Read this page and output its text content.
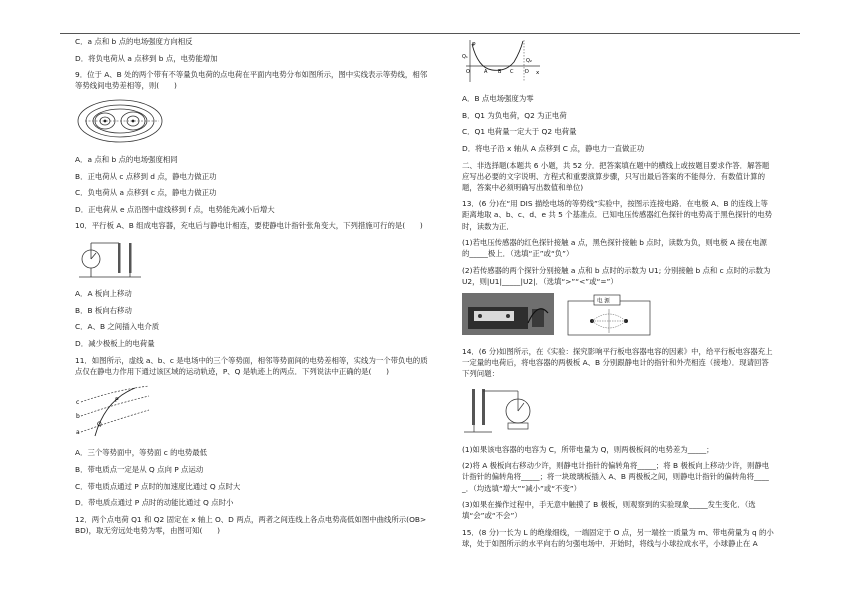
C．a 点和 b 点的电场强度方向相反

D．将负电荷从 a 点移到 b 点，电势能增加

9．位于 A、B 处的两个带有不等量负电荷的点电荷在平面内电势分布如图所示，图中实线表示等势线，相邻等势线间电势差相等，则(　　)

A．a 点和 b 点的电场强度相同

B．正电荷从 c 点移到 d 点，静电力做正功

C．负电荷从 a 点移到 c 点，静电力做正功

D．正电荷从 e 点沿图中虚线移到 f 点，电势能先减小后增大

10．平行板 A、B 组成电容器，充电后与静电计相连，要使静电计指针张角变大，下列措施可行的是(　　)

A．A 板向上移动

B．B 板向右移动

C．A、B 之间插入电介质

D．减少极板上的电荷量

11．如图所示，虚线 a、b、c 是电场中的三个等势面，相邻等势面间的电势差相等，实线为一个带负电的质点仅在静电力作用下通过该区域的运动轨迹，P、Q 是轨迹上的两点．下列说法中正确的是(　　)

c
b
a
P
Q

A．三个等势面中，等势面 c 的电势最低

B．带电质点一定是从 Q 点向 P 点运动

C．带电质点通过 P 点时的加速度比通过 Q 点时大

D．带电质点通过 P 点时的动能比通过 Q 点时小

12．两个点电荷 Q1 和 Q2 固定在 x 轴上 O、D 两点，两者之间连线上各点电势高低如图中曲线所示(OB>BD)，取无穷远处电势为零，由图可知(　　)

φ
x
O	A B C D
Q₁
Q₂

A．B 点电场强度为零

B．Q1 为负电荷，Q2 为正电荷

C．Q1 电荷量一定大于 Q2 电荷量

D．将电子沿 x 轴从 A 点移到 C 点，静电力一直做正功

二、非选择题(本题共 6 小题，共 52 分．把答案填在题中的横线上或按题目要求作答．解答题应写出必要的文字说明、方程式和重要演算步骤，只写出最后答案的不能得分．有数值计算的题，答案中必须明确写出数值和单位)

13．(6 分)在“用 DIS 描绘电场的等势线”实验中，按图示连接电路．在电极 A、B 的连线上等距离地取 a、b、c、d、e 共 5 个基准点．已知电压传感器红色探针的电势高于黑色探针的电势时，读数为正．

(1)若电压传感器的红色探针接触 a 点，黑色探针接触 b 点时，读数为负，则电极 A 接在电源的_____极上．（选填“正”或“负”）

(2)若传感器的两个探针分别接触 a 点和 b 点时的示数为 U1; 分别接触 b 点和 c 点时的示数为 U2，则|U1|_____|U2|．（选填“>”“<”或“=”）

电 源

14．(6 分)如图所示，在《实验：探究影响平行板电容器电容的因素》中，给平行板电容器充上一定量的电荷后，将电容器的两极板 A、B 分别跟静电计的指针和外壳相连（接地）．现请回答下列问题：

(1)如果该电容器的电容为 C，所带电量为 Q，则两极板间的电势差为_____；

(2)将 A 极板向右移动少许，则静电计指针的偏转角将_____；将 B 极板向上移动少许，则静电计指针的偏转角将_____；将一块玻璃板插入 A、B 两极板之间，则静电计指针的偏转角将_____．（均选填“增大”“减小”或“不变”）

(3)如果在操作过程中，手无意中触摸了 B 极板，则观察到的实验现象_____发生变化．（选填“会”或“不会”）

15．(8 分)一长为 L 的绝缘细线，一端固定于 O 点，另一端拴一质量为 m、带电荷量为 q 的小球，处于如图所示的水平向右的匀强电场中．开始时，将线与小球拉成水平，小球静止在 A
